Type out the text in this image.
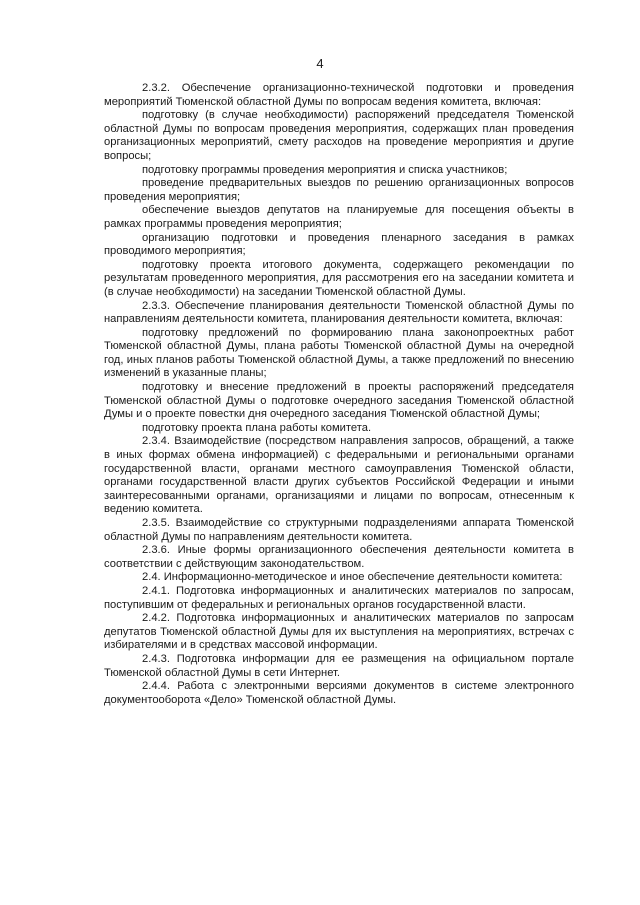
4

2.3.2. Обеспечение организационно-технической подготовки и проведения мероприятий Тюменской областной Думы по вопросам ведения комитета, включая:

подготовку (в случае необходимости) распоряжений председателя Тюменской областной Думы по вопросам проведения мероприятия, содержащих план проведения организационных мероприятий, смету расходов на проведение мероприятия и другие вопросы;

подготовку программы проведения мероприятия и списка участников;

проведение предварительных выездов по решению организационных вопросов проведения мероприятия;

обеспечение выездов депутатов на планируемые для посещения объекты в рамках программы проведения мероприятия;

организацию подготовки и проведения пленарного заседания в рамках проводимого мероприятия;

подготовку проекта итогового документа, содержащего рекомендации по результатам проведенного мероприятия, для рассмотрения его на заседании комитета и (в случае необходимости) на заседании Тюменской областной Думы.

2.3.3. Обеспечение планирования деятельности Тюменской областной Думы по направлениям деятельности комитета, планирования деятельности комитета, включая:

подготовку предложений по формированию плана законопроектных работ Тюменской областной Думы, плана работы Тюменской областной Думы на очередной год, иных планов работы Тюменской областной Думы, а также предложений по внесению изменений в указанные планы;

подготовку и внесение предложений в проекты распоряжений председателя Тюменской областной Думы о подготовке очередного заседания Тюменской областной Думы и о проекте повестки дня очередного заседания Тюменской областной Думы;

подготовку проекта плана работы комитета.

2.3.4. Взаимодействие (посредством направления запросов, обращений, а также в иных формах обмена информацией) с федеральными и региональными органами государственной власти, органами местного самоуправления Тюменской области, органами государственной власти других субъектов Российской Федерации и иными заинтересованными органами, организациями и лицами по вопросам, отнесенным к ведению комитета.

2.3.5. Взаимодействие со структурными подразделениями аппарата Тюменской областной Думы по направлениям деятельности комитета.

2.3.6. Иные формы организационного обеспечения деятельности комитета в соответствии с действующим законодательством.

2.4. Информационно-методическое и иное обеспечение деятельности комитета:

2.4.1. Подготовка информационных и аналитических материалов по запросам, поступившим от федеральных и региональных органов государственной власти.

2.4.2. Подготовка информационных и аналитических материалов по запросам депутатов Тюменской областной Думы для их выступления на мероприятиях, встречах с избирателями и в средствах массовой информации.

2.4.3. Подготовка информации для ее размещения на официальном портале Тюменской областной Думы в сети Интернет.

2.4.4. Работа с электронными версиями документов в системе электронного документооборота «Дело» Тюменской областной Думы.
